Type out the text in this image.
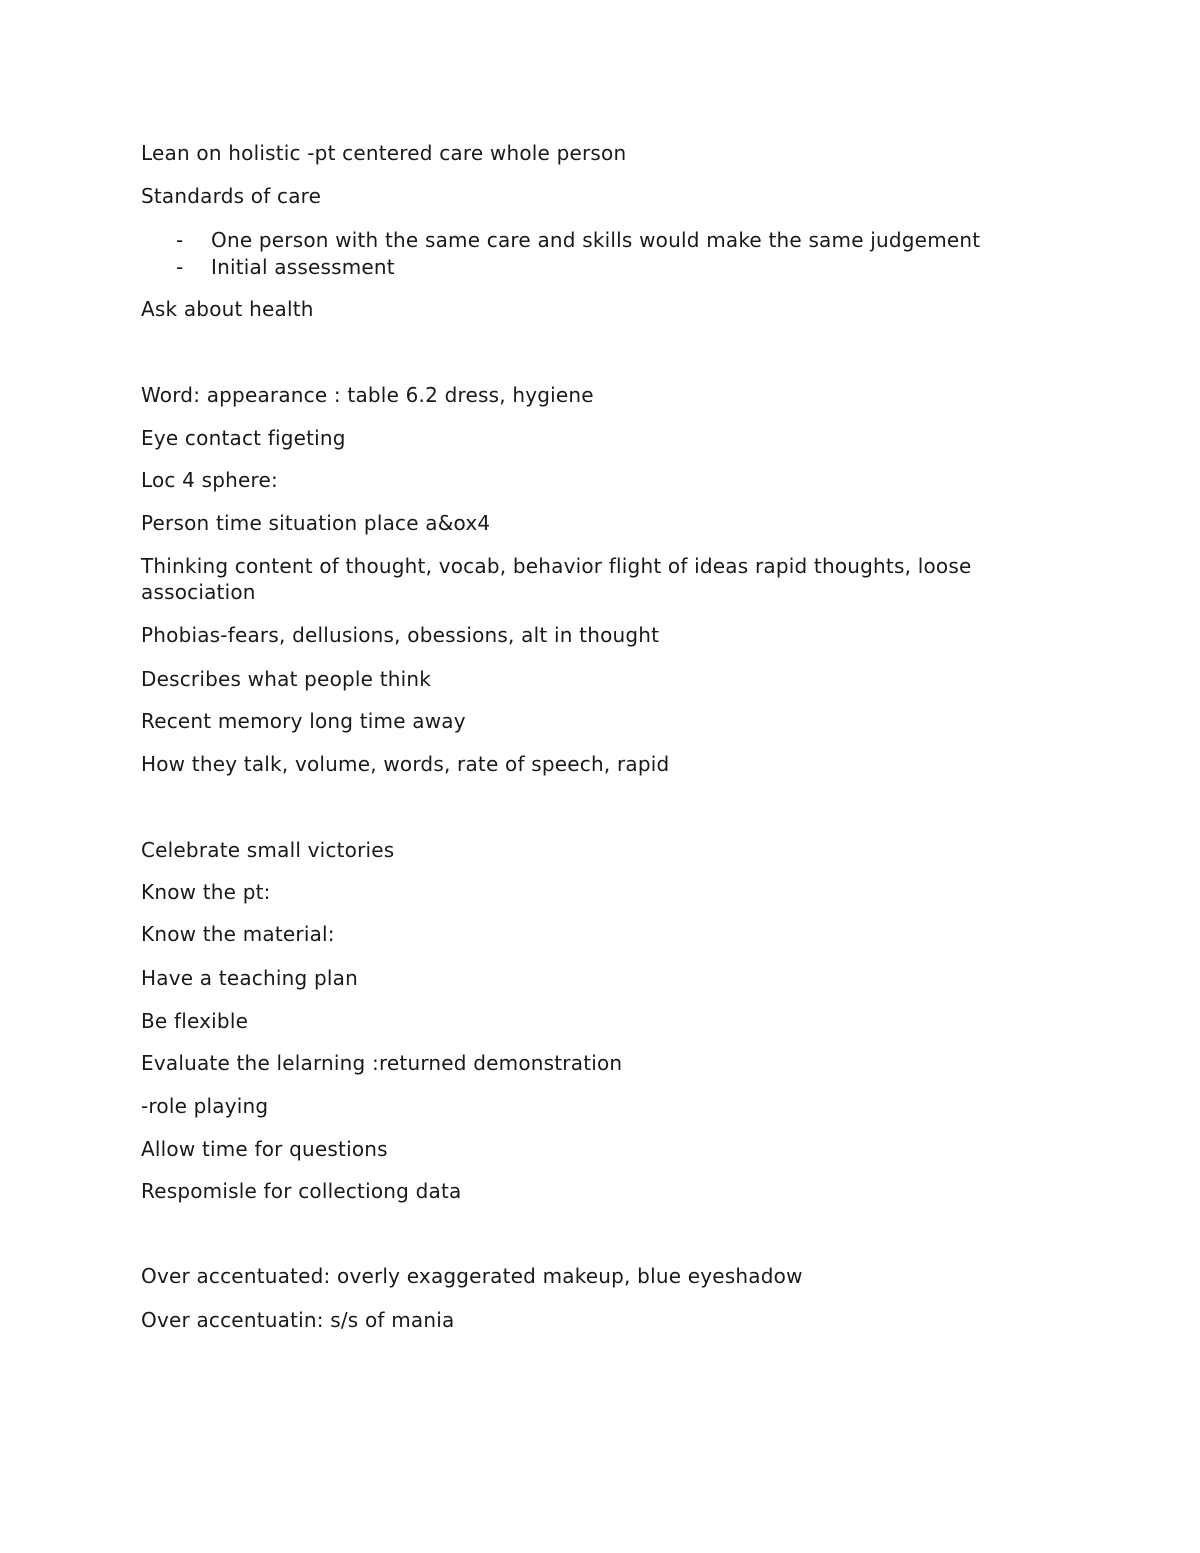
Lean on holistic -pt centered care whole person
Standards of care
- One person with the same care and skills would make the same judgement
- Initial assessment
Ask about health
Word: appearance : table 6.2 dress, hygiene
Eye contact figeting
Loc 4 sphere:
Person time situation place a&ox4
Thinking content of thought, vocab, behavior flight of ideas rapid thoughts, loose association
Phobias-fears, dellusions, obessions, alt in thought
Describes what people think
Recent memory long time away
How they talk, volume, words, rate of speech, rapid
Celebrate small victories
Know the pt:
Know the material:
Have a teaching plan
Be flexible
Evaluate the lelarning :returned demonstration
-role playing
Allow time for questions
Respomisle for collectiong data
Over accentuated: overly exaggerated makeup, blue eyeshadow
Over accentuatin: s/s of mania
